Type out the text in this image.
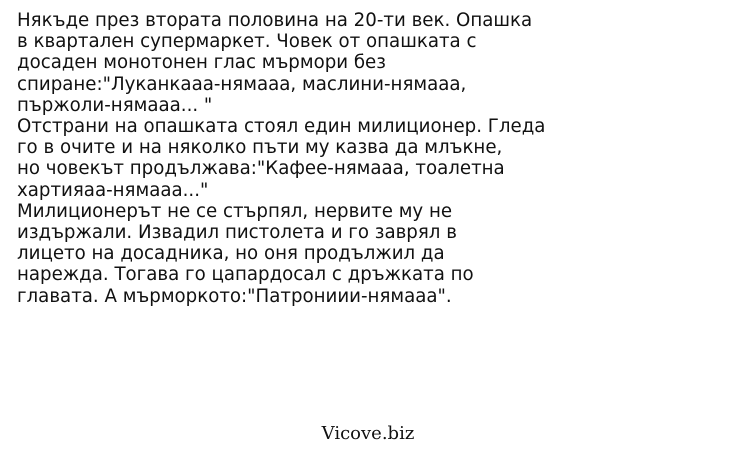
Някъде през втората половина на 20-ти век. Опашка
в квартален супермаркет. Човек от опашката с
досаден монотонен глас мърмори без
спиране:"Луканкааа-нямааа, маслини-нямааа,
пържоли-нямааа... "
Отстрани на опашката стоял един милиционер. Гледа
го в очите и на няколко пъти му казва да млъкне,
но човекът продължава:"Кафее-нямааа, тоалетна
хартияаа-нямааа..."
Милиционерът не се стърпял, нервите му не
издържали. Извадил пистолета и го заврял в
лицето на досадника, но оня продължил да
нарежда. Тогава го цапардосал с дръжката по
главата. А мърморкото:"Патрониии-нямааа".
Vicove.biz
